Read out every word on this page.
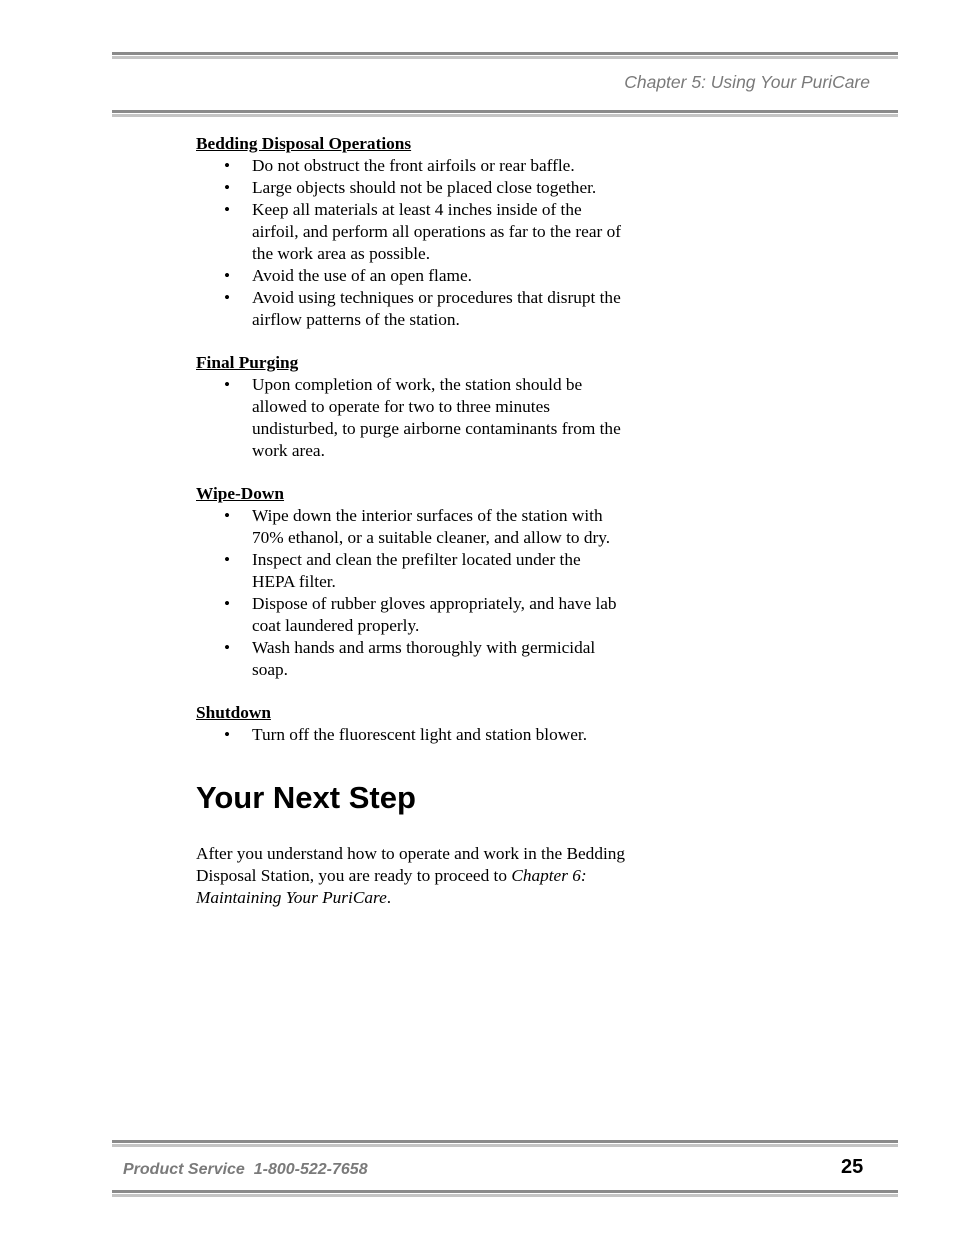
Chapter 5: Using Your PuriCare

Bedding Disposal Operations

• Do not obstruct the front airfoils or rear baffle.
• Large objects should not be placed close together.
• Keep all materials at least 4 inches inside of the airfoil, and perform all operations as far to the rear of the work area as possible.
• Avoid the use of an open flame.
• Avoid using techniques or procedures that disrupt the airflow patterns of the station.

Final Purging

• Upon completion of work, the station should be allowed to operate for two to three minutes undisturbed, to purge airborne contaminants from the work area.

Wipe-Down

• Wipe down the interior surfaces of the station with 70% ethanol, or a suitable cleaner, and allow to dry.
• Inspect and clean the prefilter located under the HEPA filter.
• Dispose of rubber gloves appropriately, and have lab coat laundered properly.
• Wash hands and arms thoroughly with germicidal soap.

Shutdown

• Turn off the fluorescent light and station blower.
Your Next Step

After you understand how to operate and work in the Bedding Disposal Station, you are ready to proceed to Chapter 6: Maintaining Your PuriCare.

Product Service  1-800-522-7658	25
